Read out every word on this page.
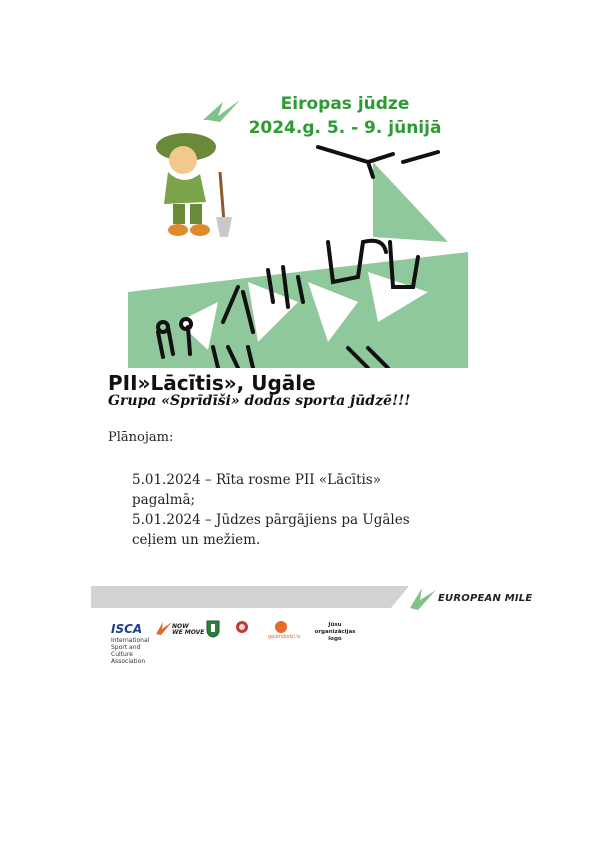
Eiropas jūdze
2024.g. 5. - 9. jūnijā
PII»Lācītis», Ugāle
Grupa «Sprīdīši» dodas sporta jūdzē!!!
Plānojam:
5.01.2024 – Rīta rosme PII «Lācītis» pagalmā;
5.01.2024 – Jūdzes pārgājiens pa Ugāles ceļiem un mežiem.
EUROPEAN MILE
ISCA
International Sport and Culture Association
NOW
WE MOVE
gelendorbi.lv
Jūsu organizācijas logo
